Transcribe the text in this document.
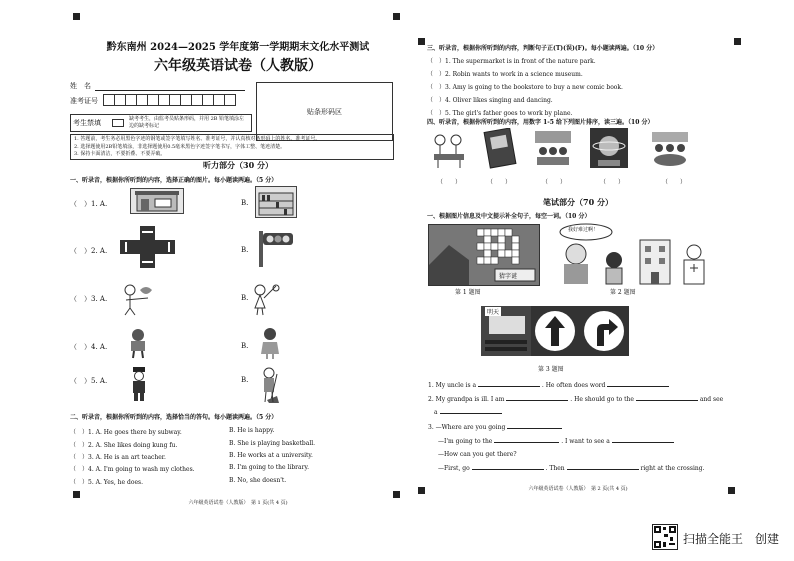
黔东南州 2024—2025 学年度第一学期期末文化水平测试
六年级英语试卷（人教版）
姓　名
准考证号
贴条形码区
考生禁填	缺考考生，由监考员贴条形码，并用 2B 铅笔填涂左边的缺考标记
1. 答题前，考生务必用黑色字迹的钢笔或签字笔填写姓名、准考证号，并认真核对条形码上的姓名、准考证号。
2. 选择题使用2B铅笔填涂，非选择题使用0.5毫米黑色字迹签字笔书写，字体工整、笔迹清楚。
3. 保持卡面清洁，不要折叠、不要弄破。
听力部分（30 分）
一、听录音，根据你所听到的内容，选择正确的图片。每小题读两遍。（5 分）
（　）1. A.	B.
（　）2. A.	B.
（　）3. A.	B.
（　）4. A.	B.
（　）5. A.	B.
二、听录音，根据你所听到的内容，选择恰当的答句。每小题读两遍。（5 分）
（　）1. A. He goes there by subway.	B. He is happy.
（　）2. A. She likes doing kung fu.	B. She is playing basketball.
（　）3. A. He is an art teacher.	B. He works at a university.
（　）4. A. I'm going to wash my clothes.	B. I'm going to the library.
（　）5. A. Yes, he does.	B. No, she doesn't.
六年级英语试卷（人教版）　第 1 页(共 4 页)
三、听录音，根据你所听到的内容，判断句子正(T)(误)(F)。每小题读两遍。（10 分）
（　）1. The supermarket is in front of the nature park.
（　）2. Robin wants to work in a science museum.
（　）3. Amy is going to the bookstore to buy a new comic book.
（　）4. Oliver likes singing and dancing.
（　）5. The girl's father goes to work by plane.
四、听录音，根据你所听到的内容，用数字 1-5 给下列图片排序，读三遍。（10 分）
（　　）	（　　）	（　　）	（　　）	（　　）
笔试部分（70 分）
一、根据图片信息及中文提示补全句子，每空一词。（10 分）
猜字谜
第 1 题图
我好难过啊！
第 2 题图
明天
第 3 题图
1. My uncle is a	. He often does word
2. My grandpa is ill. I am	. He should go to the	and see
a
3. —Where are you going
—I'm going to the	. I want to see a
—How can you get there?
—First, go	. Then	right at the crossing.
六年级英语试卷（人教版）　第 2 页(共 4 页)
扫描全能王　创建
